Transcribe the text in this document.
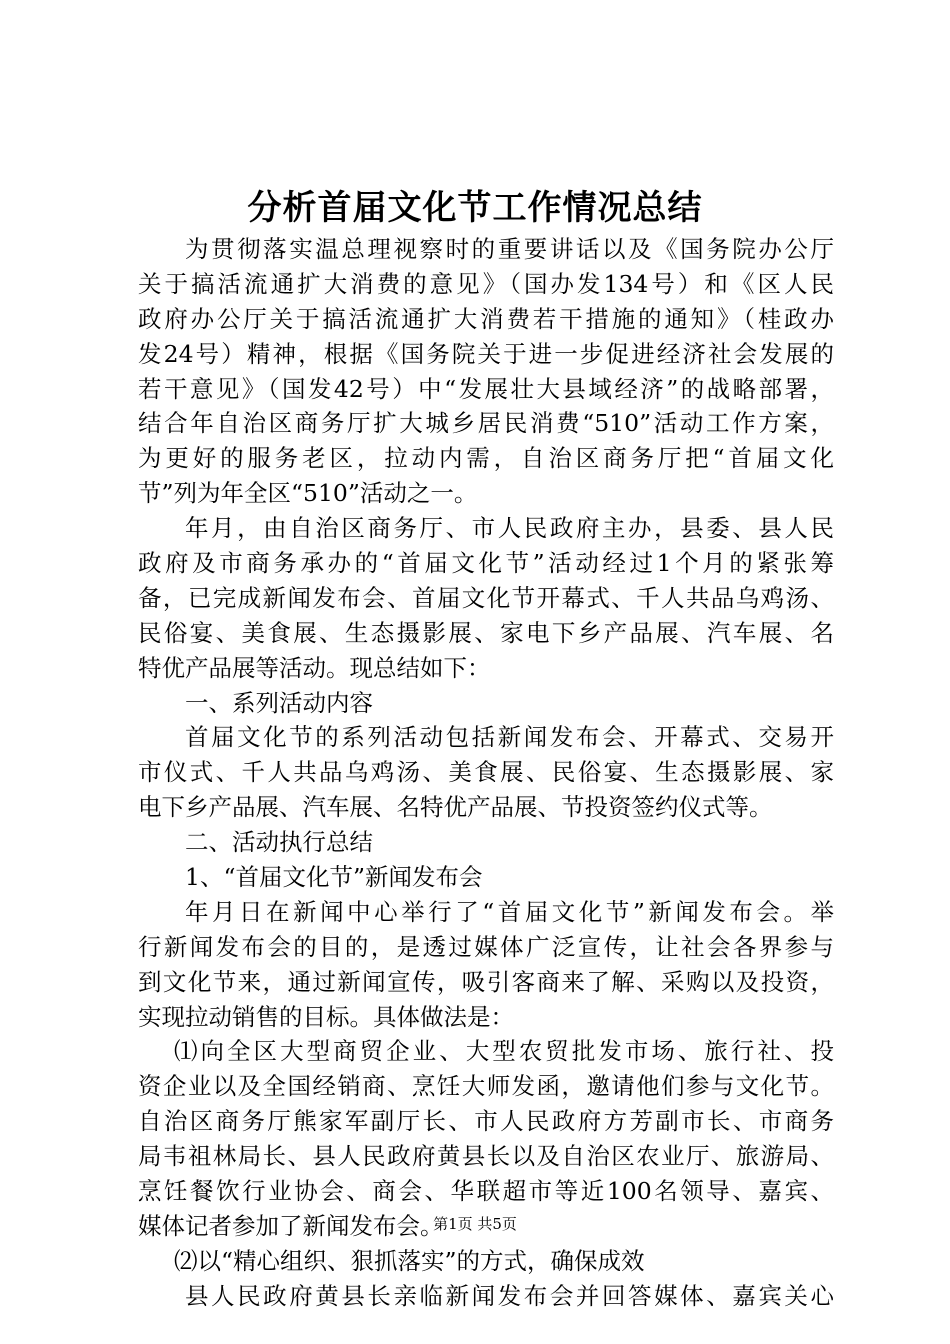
分析首届文化节工作情况总结
为贯彻落实温总理视察时的重要讲话以及《国务院办公厅
关于搞活流通扩大消费的意见》（国办发134号）和《区人民
政府办公厅关于搞活流通扩大消费若干措施的通知》（桂政办
发24号）精神，根据《国务院关于进一步促进经济社会发展的
若干意见》（国发42号）中“发展壮大县域经济”的战略部署，
结合年自治区商务厅扩大城乡居民消费“510”活动工作方案，
为更好的服务老区，拉动内需，自治区商务厅把“首届文化
节”列为年全区“510”活动之一。
年月，由自治区商务厅、市人民政府主办，县委、县人民
政府及市商务承办的“首届文化节”活动经过1个月的紧张筹
备，已完成新闻发布会、首届文化节开幕式、千人共品乌鸡汤、
民俗宴、美食展、生态摄影展、家电下乡产品展、汽车展、名
特优产品展等活动。现总结如下：
一、系列活动内容
首届文化节的系列活动包括新闻发布会、开幕式、交易开
市仪式、千人共品乌鸡汤、美食展、民俗宴、生态摄影展、家
电下乡产品展、汽车展、名特优产品展、节投资签约仪式等。
二、活动执行总结
1、“首届文化节”新闻发布会
年月日在新闻中心举行了“首届文化节”新闻发布会。举
行新闻发布会的目的，是透过媒体广泛宣传，让社会各界参与
到文化节来，通过新闻宣传，吸引客商来了解、采购以及投资，
实现拉动销售的目标。具体做法是：
⑴向全区大型商贸企业、大型农贸批发市场、旅行社、投
资企业以及全国经销商、烹饪大师发函，邀请他们参与文化节。
自治区商务厅熊家军副厅长、市人民政府方芳副市长、市商务
局韦祖林局长、县人民政府黄县长以及自治区农业厅、旅游局、
烹饪餐饮行业协会、商会、华联超市等近100名领导、嘉宾、
媒体记者参加了新闻发布会。
⑵以“精心组织、狠抓落实”的方式，确保成效
县人民政府黄县长亲临新闻发布会并回答媒体、嘉宾关心
第1页 共5页
